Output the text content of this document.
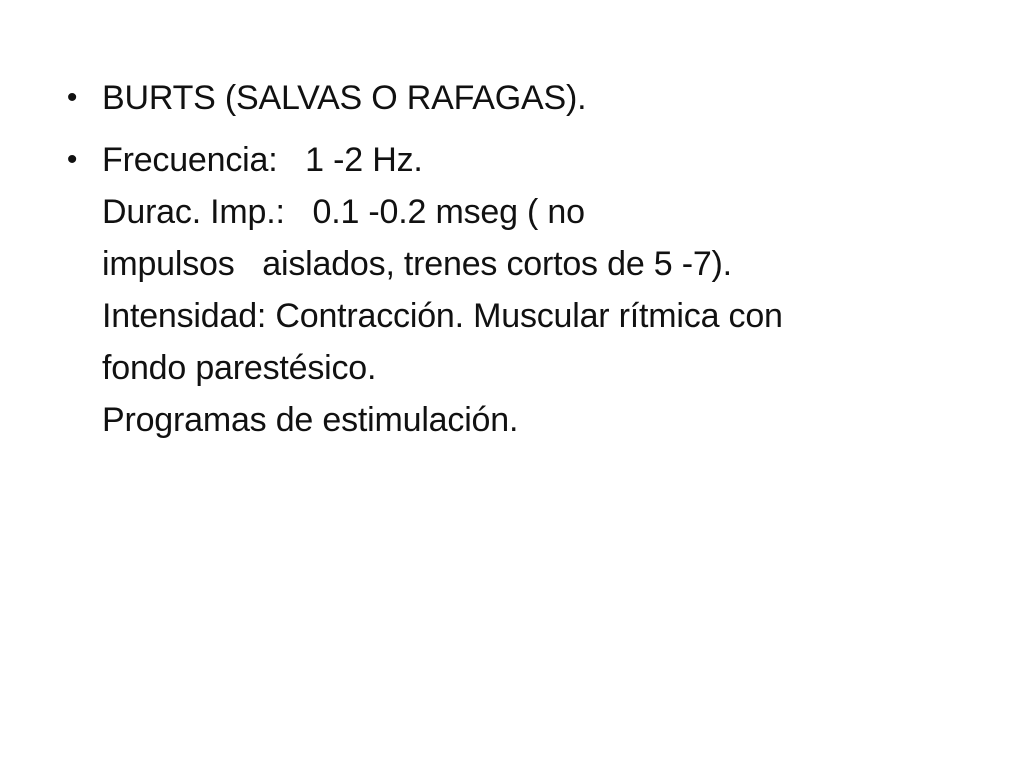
• BURTS (SALVAS O RAFAGAS).
• Frecuencia:   1 -2 Hz.
Durac. Imp.:   0.1 -0.2 mseg ( no
impulsos   aislados, trenes cortos de 5 -7).
Intensidad: Contracción. Muscular rítmica con
fondo parestésico.
Programas de estimulación.
